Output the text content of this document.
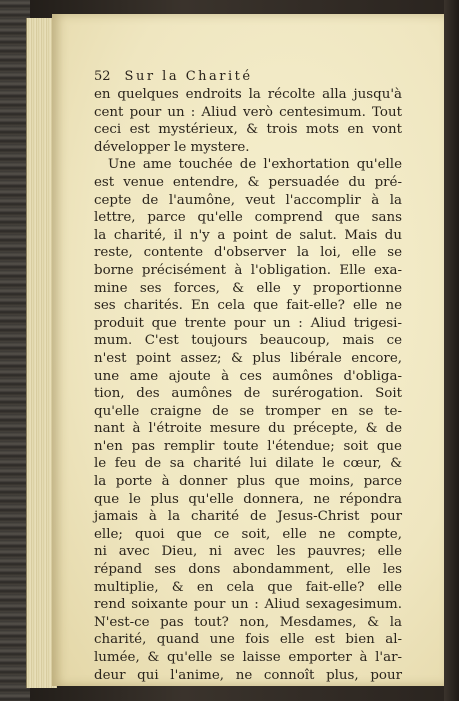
52 Sur la Charité
en quelques endroits la récolte alla jusqu'à
cent pour un : Aliud verò centesimum. Tout
ceci est mystérieux, & trois mots en vont
développer le mystere.
Une ame touchée de l'exhortation qu'elle
est venue entendre, & persuadée du pré-
cepte de l'aumône, veut l'accomplir à la
lettre, parce qu'elle comprend que sans
la charité, il n'y a point de salut. Mais du
reste, contente d'observer la loi, elle se
borne précisément à l'obligation. Elle exa-
mine ses forces, & elle y proportionne
ses charités. En cela que fait-elle? elle ne
produit que trente pour un : Aliud trigesi-
mum. C'est toujours beaucoup, mais ce
n'est point assez; & plus libérale encore,
une ame ajoute à ces aumônes d'obliga-
tion, des aumônes de surérogation. Soit
qu'elle craigne de se tromper en se te-
nant à l'étroite mesure du précepte, & de
n'en pas remplir toute l'étendue; soit que
le feu de sa charité lui dilate le cœur, &
la porte à donner plus que moins, parce
que le plus qu'elle donnera, ne répondra
jamais à la charité de Jesus-Christ pour
elle; quoi que ce soit, elle ne compte,
ni avec Dieu, ni avec les pauvres; elle
répand ses dons abondamment, elle les
multiplie, & en cela que fait-elle? elle
rend soixante pour un : Aliud sexagesimum.
N'est-ce pas tout? non, Mesdames, & la
charité, quand une fois elle est bien al-
lumée, & qu'elle se laisse emporter à l'ar-
deur qui l'anime, ne connoît plus, pour
